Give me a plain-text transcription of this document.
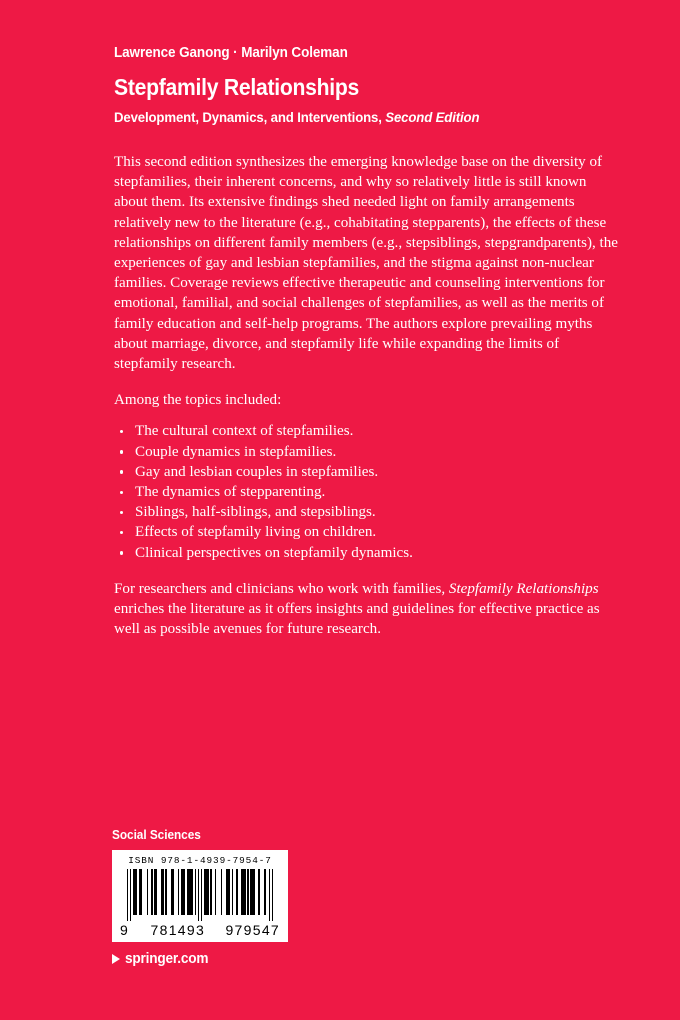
Lawrence Ganong · Marilyn Coleman
Stepfamily Relationships
Development, Dynamics, and Interventions, Second Edition

This second edition synthesizes the emerging knowledge base on the diversity of stepfamilies, their inherent concerns, and why so relatively little is still known about them. Its extensive findings shed needed light on family arrangements relatively new to the literature (e.g., cohabitating stepparents), the effects of these relationships on different family members (e.g., stepsiblings, stepgrandparents), the experiences of gay and lesbian stepfamilies, and the stigma against non-nuclear families. Coverage reviews effective therapeutic and counseling interventions for emotional, familial, and social challenges of stepfamilies, as well as the merits of family education and self-help programs. The authors explore prevailing myths about marriage, divorce, and stepfamily life while expanding the limits of stepfamily research.

Among the topics included:

The cultural context of stepfamilies.
Couple dynamics in stepfamilies.
Gay and lesbian couples in stepfamilies.
The dynamics of stepparenting.
Siblings, half-siblings, and stepsiblings.
Effects of stepfamily living on children.
Clinical perspectives on stepfamily dynamics.

For researchers and clinicians who work with families, Stepfamily Relationships enriches the literature as it offers insights and guidelines for effective practice as well as possible avenues for future research.

Social Sciences
ISBN 978-1-4939-7954-7
9 781493 979547
springer.com
